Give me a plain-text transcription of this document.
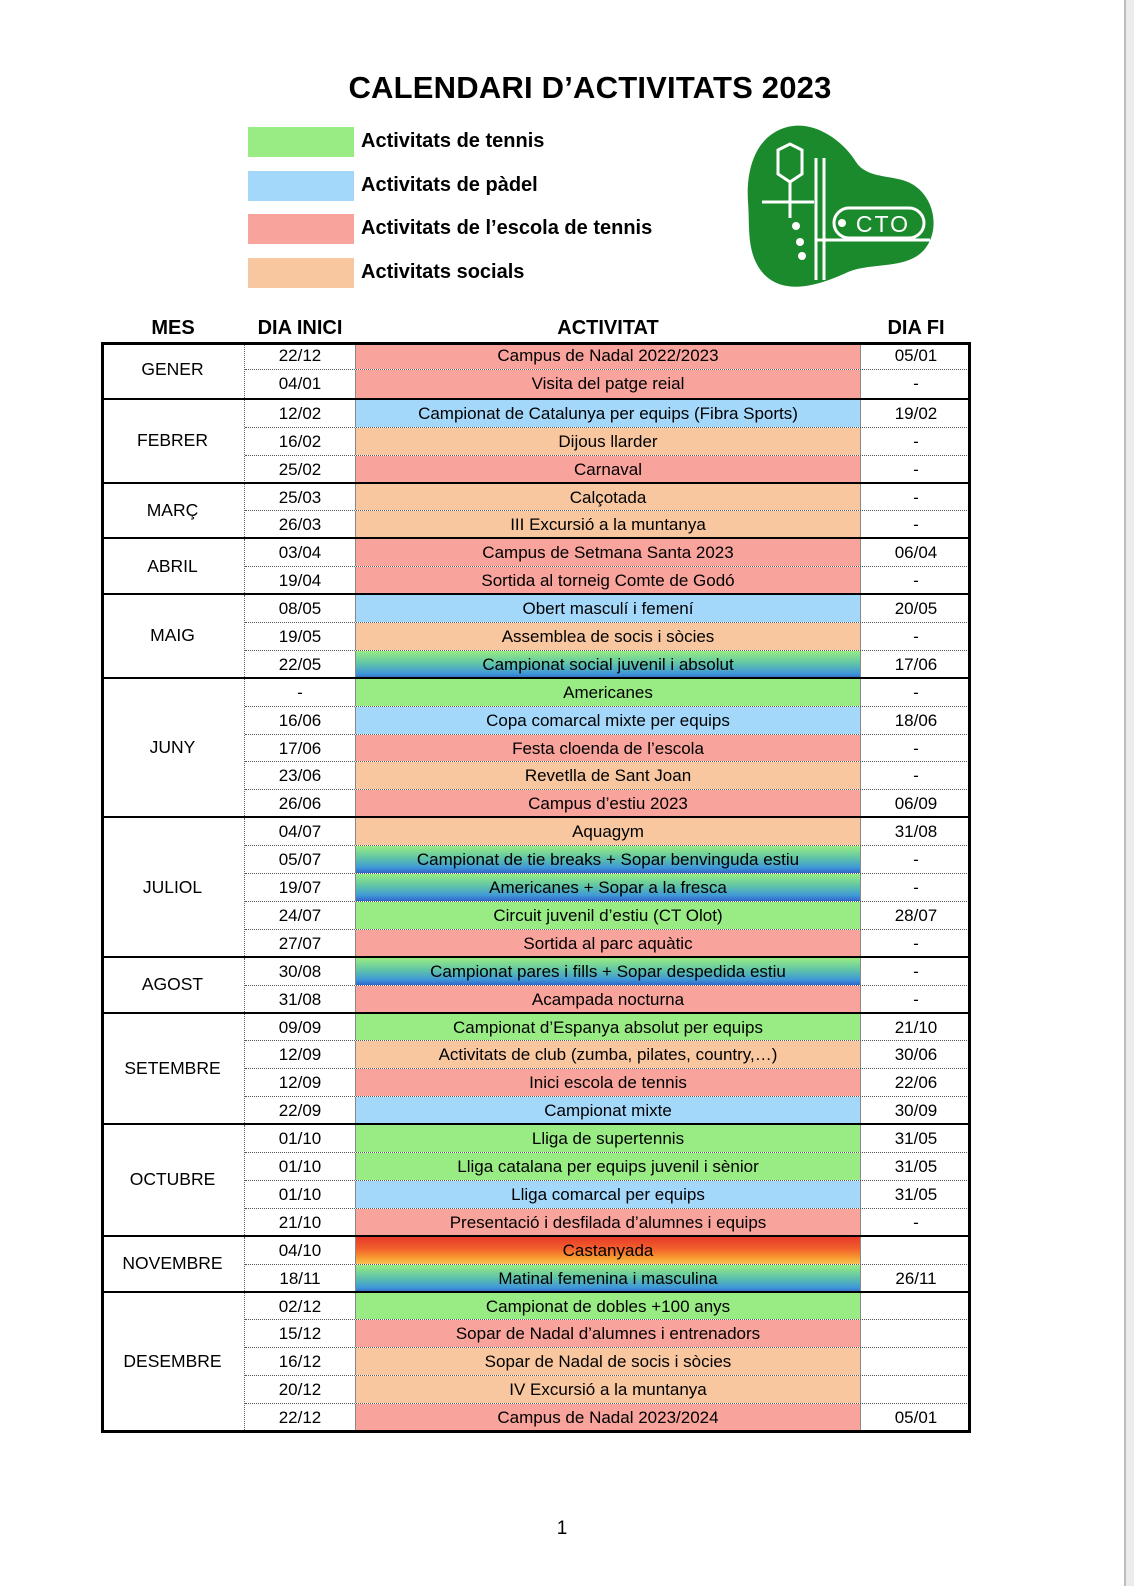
CALENDARI D’ACTIVITATS 2023
Activitats de tennis
Activitats de pàdel
Activitats de l’escola de tennis
Activitats socials
CTO
MES	DIA INICI	ACTIVITAT	DIA FI
GENER
22/12	Campus de Nadal 2022/2023	05/01
04/01	Visita del patge reial	-
FEBRER
12/02	Campionat de Catalunya per equips (Fibra Sports)	19/02
16/02	Dijous llarder	-
25/02	Carnaval	-
MARÇ
25/03	Calçotada	-
26/03	III Excursió a la muntanya	-
ABRIL
03/04	Campus de Setmana Santa 2023	06/04
19/04	Sortida al torneig Comte de Godó	-
MAIG
08/05	Obert masculí i femení	20/05
19/05	Assemblea de socis i sòcies	-
22/05	Campionat social juvenil i absolut	17/06
JUNY
-	Americanes	-
16/06	Copa comarcal mixte per equips	18/06
17/06	Festa cloenda de l’escola	-
23/06	Revetlla de Sant Joan	-
26/06	Campus d’estiu 2023	06/09
JULIOL
04/07	Aquagym	31/08
05/07	Campionat de tie breaks + Sopar benvinguda estiu	-
19/07	Americanes + Sopar a la fresca	-
24/07	Circuit juvenil d’estiu (CT Olot)	28/07
27/07	Sortida al parc aquàtic	-
AGOST
30/08	Campionat pares i fills + Sopar despedida estiu	-
31/08	Acampada nocturna	-
SETEMBRE
09/09	Campionat d’Espanya absolut per equips	21/10
12/09	Activitats de club (zumba, pilates, country,…)	30/06
12/09	Inici escola de tennis	22/06
22/09	Campionat mixte	30/09
OCTUBRE
01/10	Lliga de supertennis	31/05
01/10	Lliga catalana per equips juvenil i sènior	31/05
01/10	Lliga comarcal per equips	31/05
21/10	Presentació i desfilada d’alumnes i equips	-
NOVEMBRE
04/10	Castanyada
18/11	Matinal femenina i masculina	26/11
DESEMBRE
02/12	Campionat de dobles +100 anys
15/12	Sopar de Nadal d’alumnes i entrenadors
16/12	Sopar de Nadal de socis i sòcies
20/12	IV Excursió a la muntanya
22/12	Campus de Nadal 2023/2024	05/01
1
